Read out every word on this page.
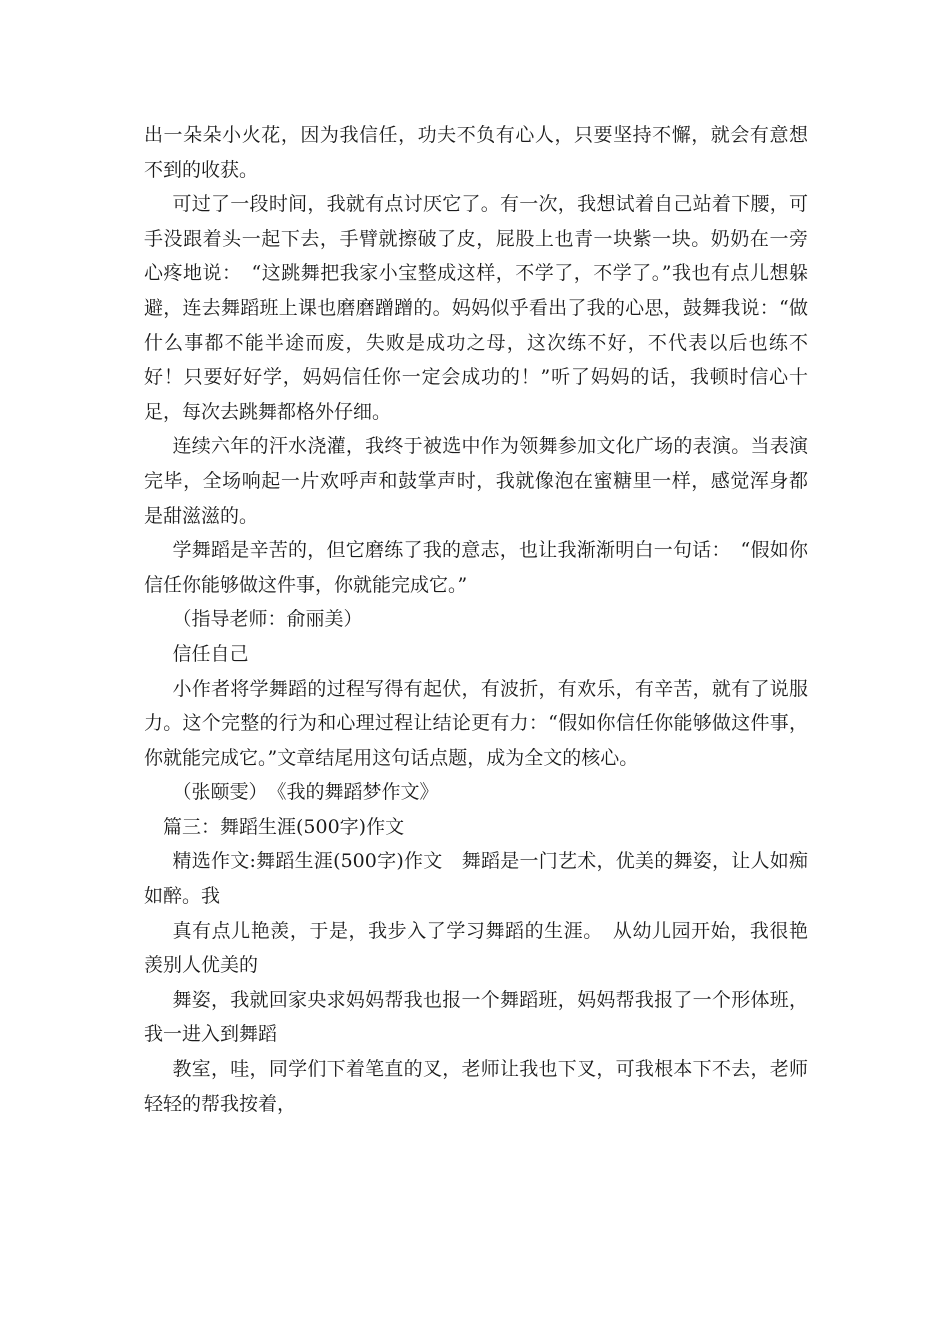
出一朵朵小火花，因为我信任，功夫不负有心人，只要坚持不懈，就会有意想不到的收获。

可过了一段时间，我就有点讨厌它了。有一次，我想试着自己站着下腰，可手没跟着头一起下去，手臂就擦破了皮，屁股上也青一块紫一块。奶奶在一旁心疼地说：　“这跳舞把我家小宝整成这样，不学了，不学了。”我也有点儿想躲避，连去舞蹈班上课也磨磨蹭蹭的。妈妈似乎看出了我的心思，鼓舞我说：“做什么事都不能半途而废，失败是成功之母，这次练不好，不代表以后也练不好！只要好好学，妈妈信任你一定会成功的！”听了妈妈的话，我顿时信心十足，每次去跳舞都格外仔细。

连续六年的汗水浇灌，我终于被选中作为领舞参加文化广场的表演。当表演完毕，全场响起一片欢呼声和鼓掌声时，我就像泡在蜜糖里一样，感觉浑身都是甜滋滋的。

学舞蹈是辛苦的，但它磨练了我的意志，也让我渐渐明白一句话：　“假如你信任你能够做这件事，你就能完成它。”

（指导老师：俞丽美）

信任自己

小作者将学舞蹈的过程写得有起伏，有波折，有欢乐，有辛苦，就有了说服力。这个完整的行为和心理过程让结论更有力：“假如你信任你能够做这件事，你就能完成它。”文章结尾用这句话点题，成为全文的核心。

（张颐雯）　《我的舞蹈梦作文》

篇三：舞蹈生涯(500字)作文

精选作文:舞蹈生涯(500字)作文　舞蹈是一门艺术，优美的舞姿，让人如痴如醉。我

真有点儿艳羡，于是，我步入了学习舞蹈的生涯。　从幼儿园开始，我很艳羡别人优美的

舞姿，我就回家央求妈妈帮我也报一个舞蹈班，妈妈帮我报了一个形体班，我一进入到舞蹈

教室，哇，同学们下着笔直的叉，老师让我也下叉，可我根本下不去，老师轻轻的帮我按着，
